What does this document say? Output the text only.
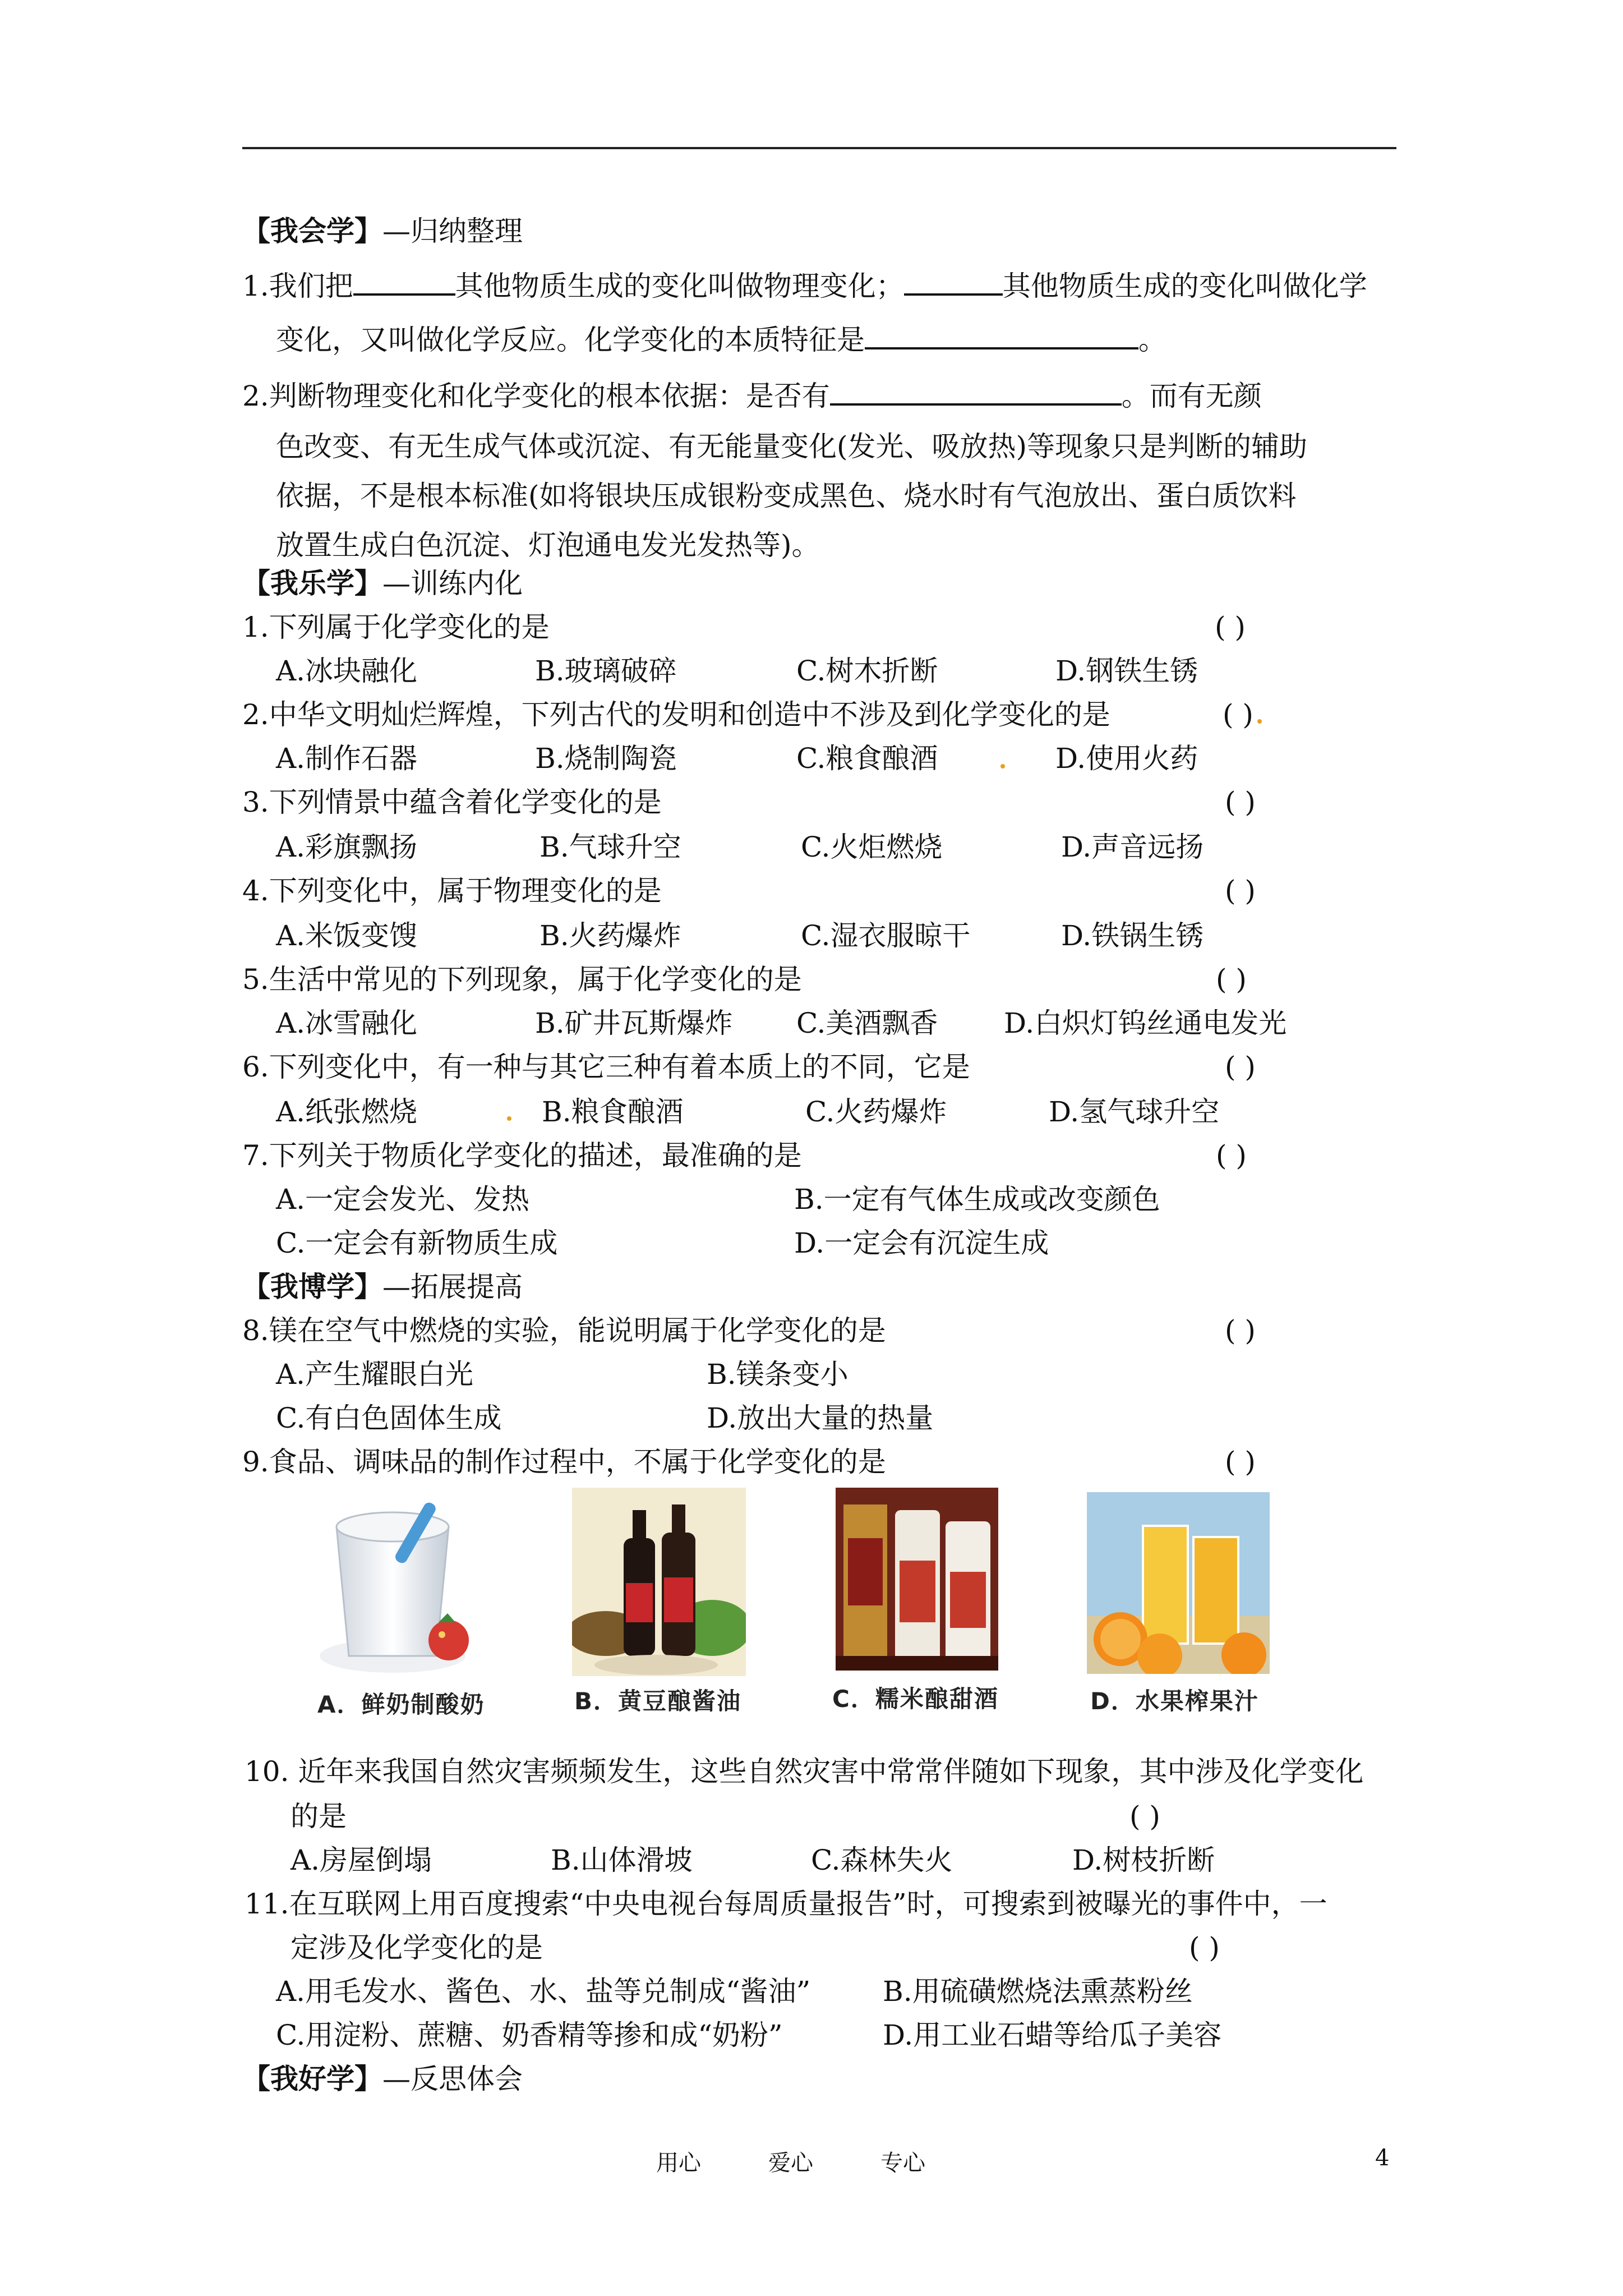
【我会学】—归纳整理
1.我们把	其他物质生成的变化叫做物理变化；	其他物质生成的变化叫做化学
变化，又叫做化学反应。化学变化的本质特征是	。
2.判断物理变化和化学变化的根本依据：是否有	。而有无颜
色改变、有无生成气体或沉淀、有无能量变化(发光、吸放热)等现象只是判断的辅助
依据，不是根本标准(如将银块压成银粉变成黑色、烧水时有气泡放出、蛋白质饮料
放置生成白色沉淀、灯泡通电发光发热等)。
【我乐学】—训练内化
1.下列属于化学变化的是	( )
A.冰块融化	B.玻璃破碎	C.树木折断	D.钢铁生锈
2.中华文明灿烂辉煌，下列古代的发明和创造中不涉及到化学变化的是	( )
A.制作石器	B.烧制陶瓷	C.粮食酿酒	D.使用火药
3.下列情景中蕴含着化学变化的是	( )
A.彩旗飘扬	B.气球升空	C.火炬燃烧	D.声音远扬
4.下列变化中，属于物理变化的是	( )
A.米饭变馊	B.火药爆炸	C.湿衣服晾干	D.铁锅生锈
5.生活中常见的下列现象，属于化学变化的是	( )
A.冰雪融化	B.矿井瓦斯爆炸 C.美酒飘香 D.白炽灯钨丝通电发光
6.下列变化中，有一种与其它三种有着本质上的不同，它是	( )
A.纸张燃烧	B.粮食酿酒	C.火药爆炸	D.氢气球升空
7.下列关于物质化学变化的描述，最准确的是	( )
A.一定会发光、发热	B.一定有气体生成或改变颜色
C.一定会有新物质生成	D.一定会有沉淀生成
【我博学】—拓展提高
8.镁在空气中燃烧的实验，能说明属于化学变化的是	( )
A.产生耀眼白光	B.镁条变小
C.有白色固体生成	D.放出大量的热量
9.食品、调味品的制作过程中，不属于化学变化的是	( )
A．鲜奶制酸奶	B．黄豆酿酱油	C．糯米酿甜酒	D．水果榨果汁
10. 近年来我国自然灾害频频发生，这些自然灾害中常常伴随如下现象，其中涉及化学变化
的是	( )
A.房屋倒塌	B.山体滑坡	C.森林失火	D.树枝折断
11.在互联网上用百度搜索“中央电视台每周质量报告”时，可搜索到被曝光的事件中，一
定涉及化学变化的是	( )
A.用毛发水、酱色、水、盐等兑制成“酱油”	B.用硫磺燃烧法熏蒸粉丝
C.用淀粉、蔗糖、奶香精等掺和成“奶粉”	D.用工业石蜡等给瓜子美容
【我好学】—反思体会
用心	爱心	专心	4
